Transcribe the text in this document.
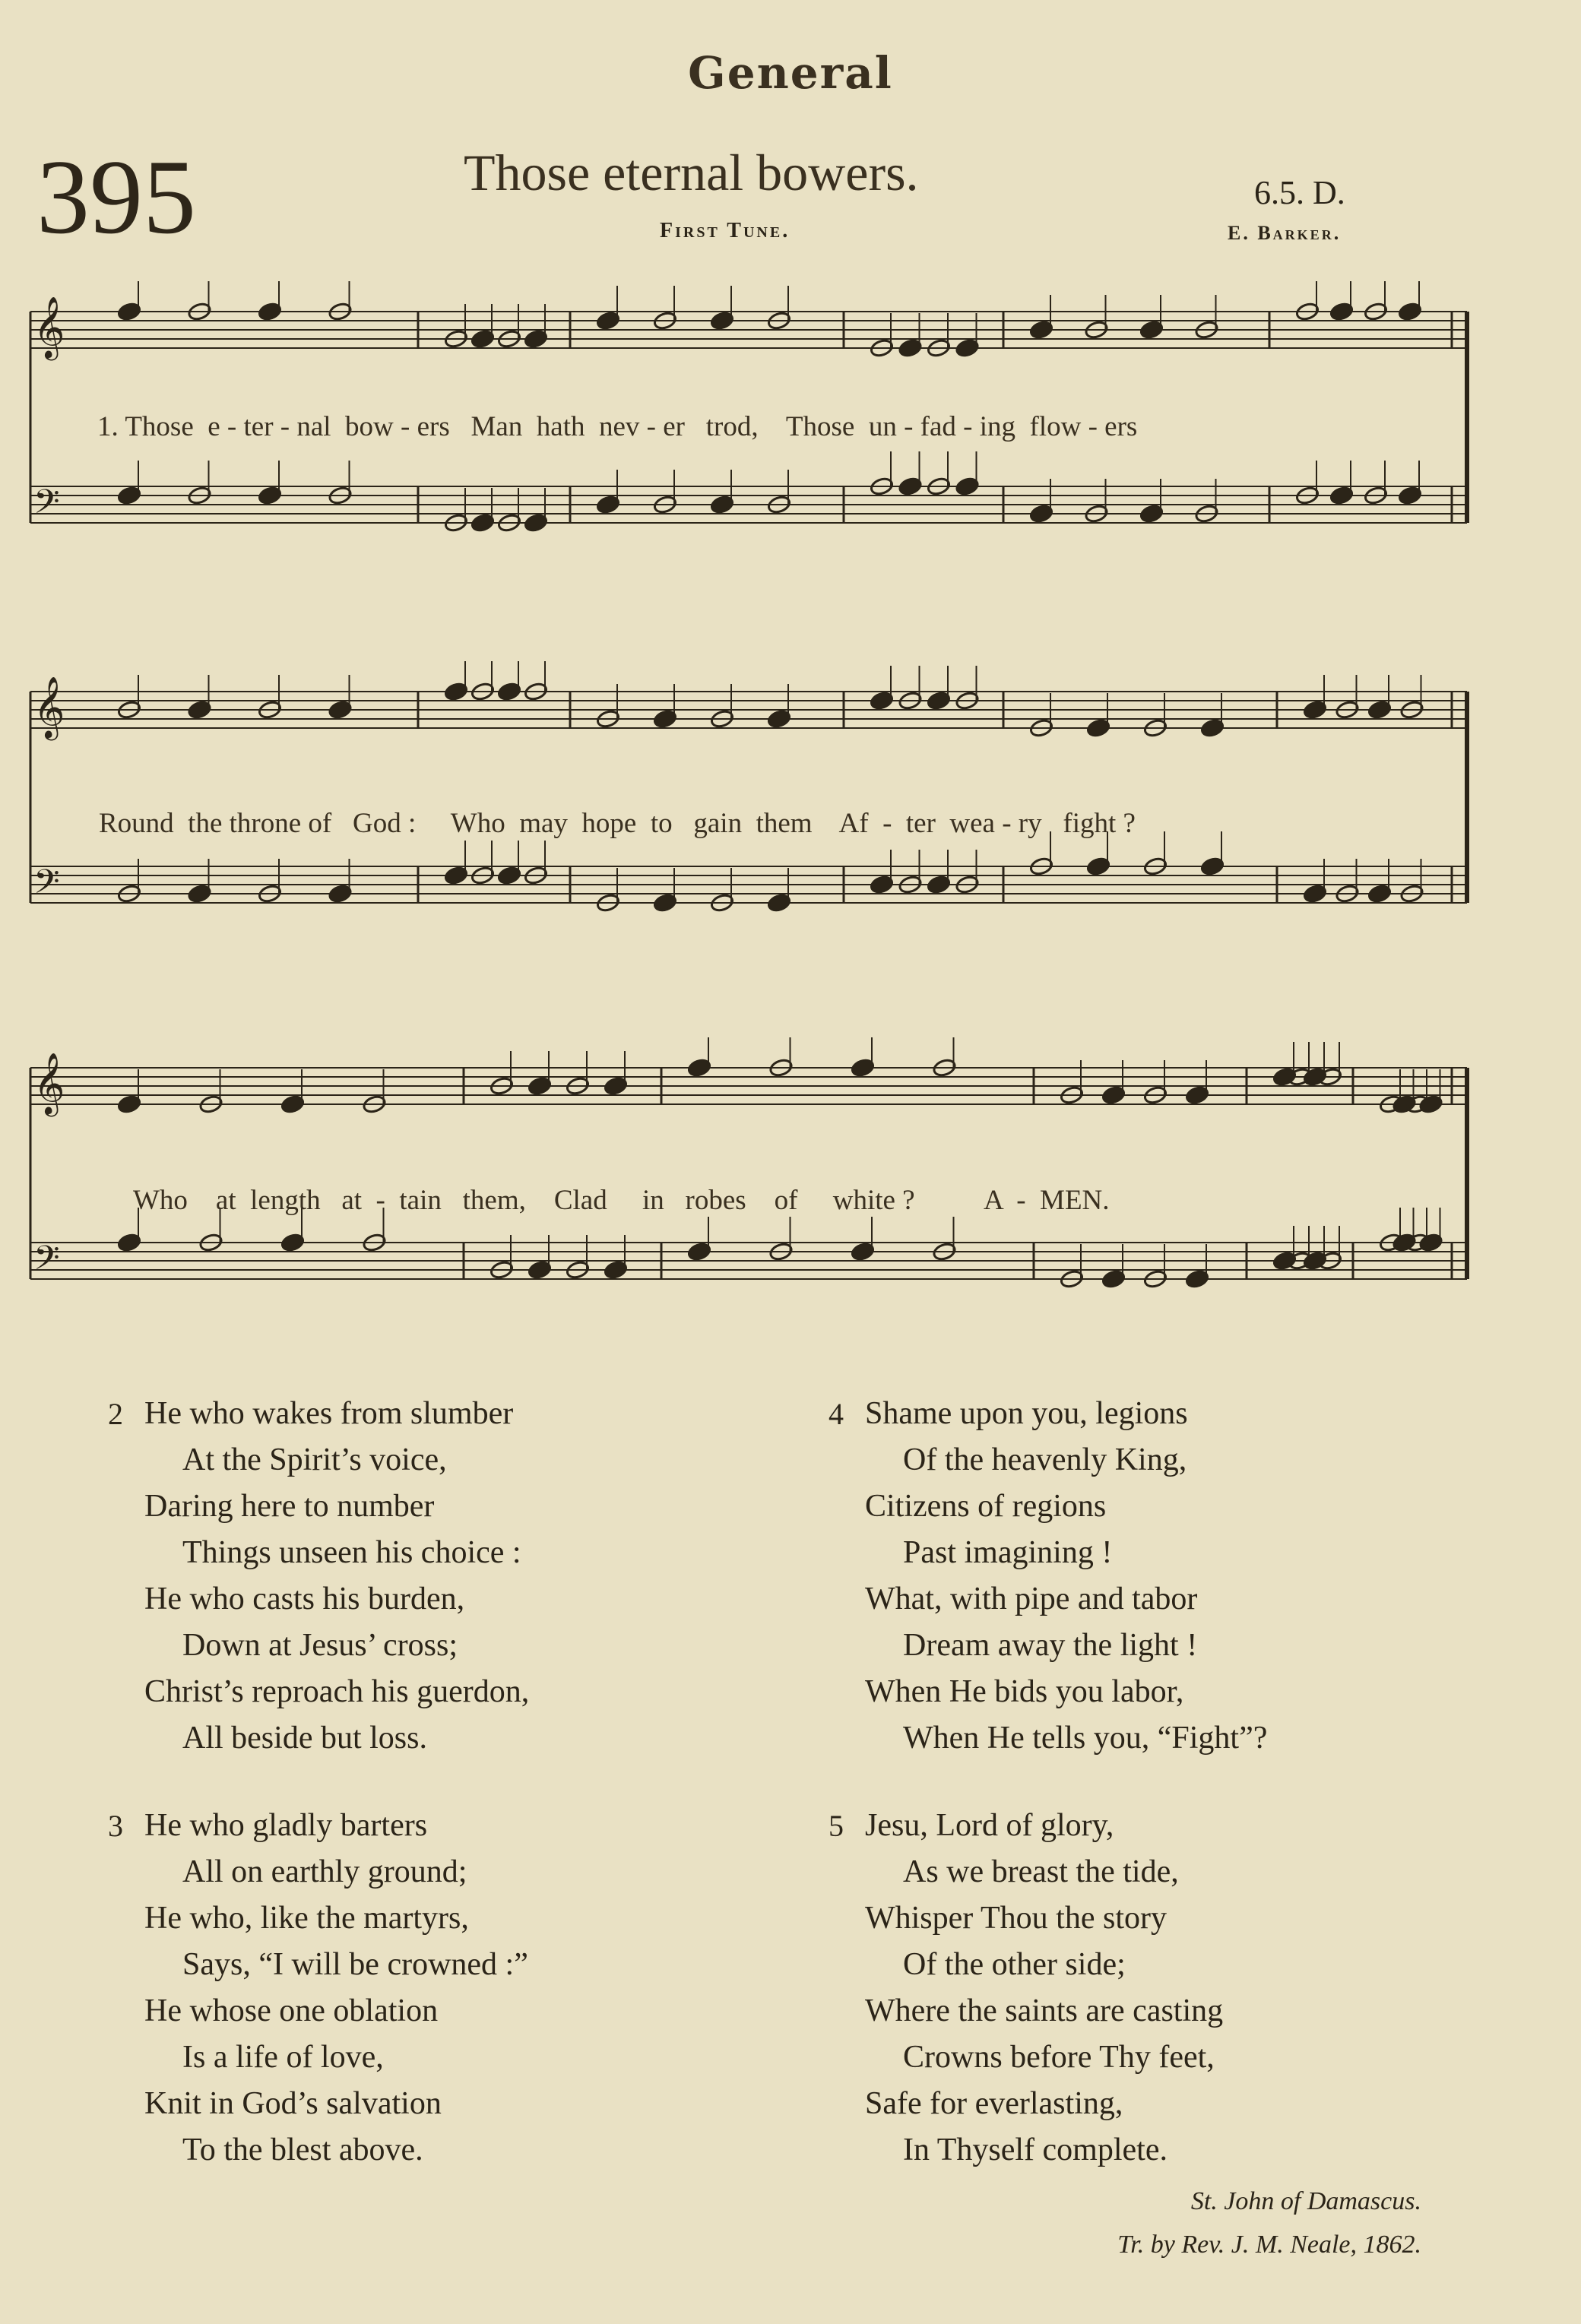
General
395	Those eternal bowers.
First Tune.
6.5. D.
E. Barker.
𝄞
𝄢
1. Those  e - ter - nal  bow - ers   Man  hath  nev - er   trod,    Those  un - fad - ing  flow - ers
𝄞
𝄢
Round  the throne of   God :     Who  may  hope  to   gain  them    Af  -  ter  wea - ry   fight ?
𝄞
𝄢
Who    at  length   at  -  tain   them,    Clad     in   robes    of     white ?          A  -  MEN.
2 He who wakes from slumber
At the Spirit’s voice,
Daring here to number
Things unseen his choice :
He who casts his burden,
Down at Jesus’ cross;
Christ’s reproach his guerdon,
All beside but loss.
4 Shame upon you, legions
Of the heavenly King,
Citizens of regions
Past imagining !
What, with pipe and tabor
Dream away the light !
When He bids you labor,
When He tells you, “Fight”?
3 He who gladly barters
All on earthly ground;
He who, like the martyrs,
Says, “I will be crowned :”
He whose one oblation
Is a life of love,
Knit in God’s salvation
To the blest above.
5 Jesu, Lord of glory,
As we breast the tide,
Whisper Thou the story
Of the other side;
Where the saints are casting
Crowns before Thy feet,
Safe for everlasting,
In Thyself complete.
St. John of Damascus.
Tr. by Rev. J. M. Neale, 1862.
